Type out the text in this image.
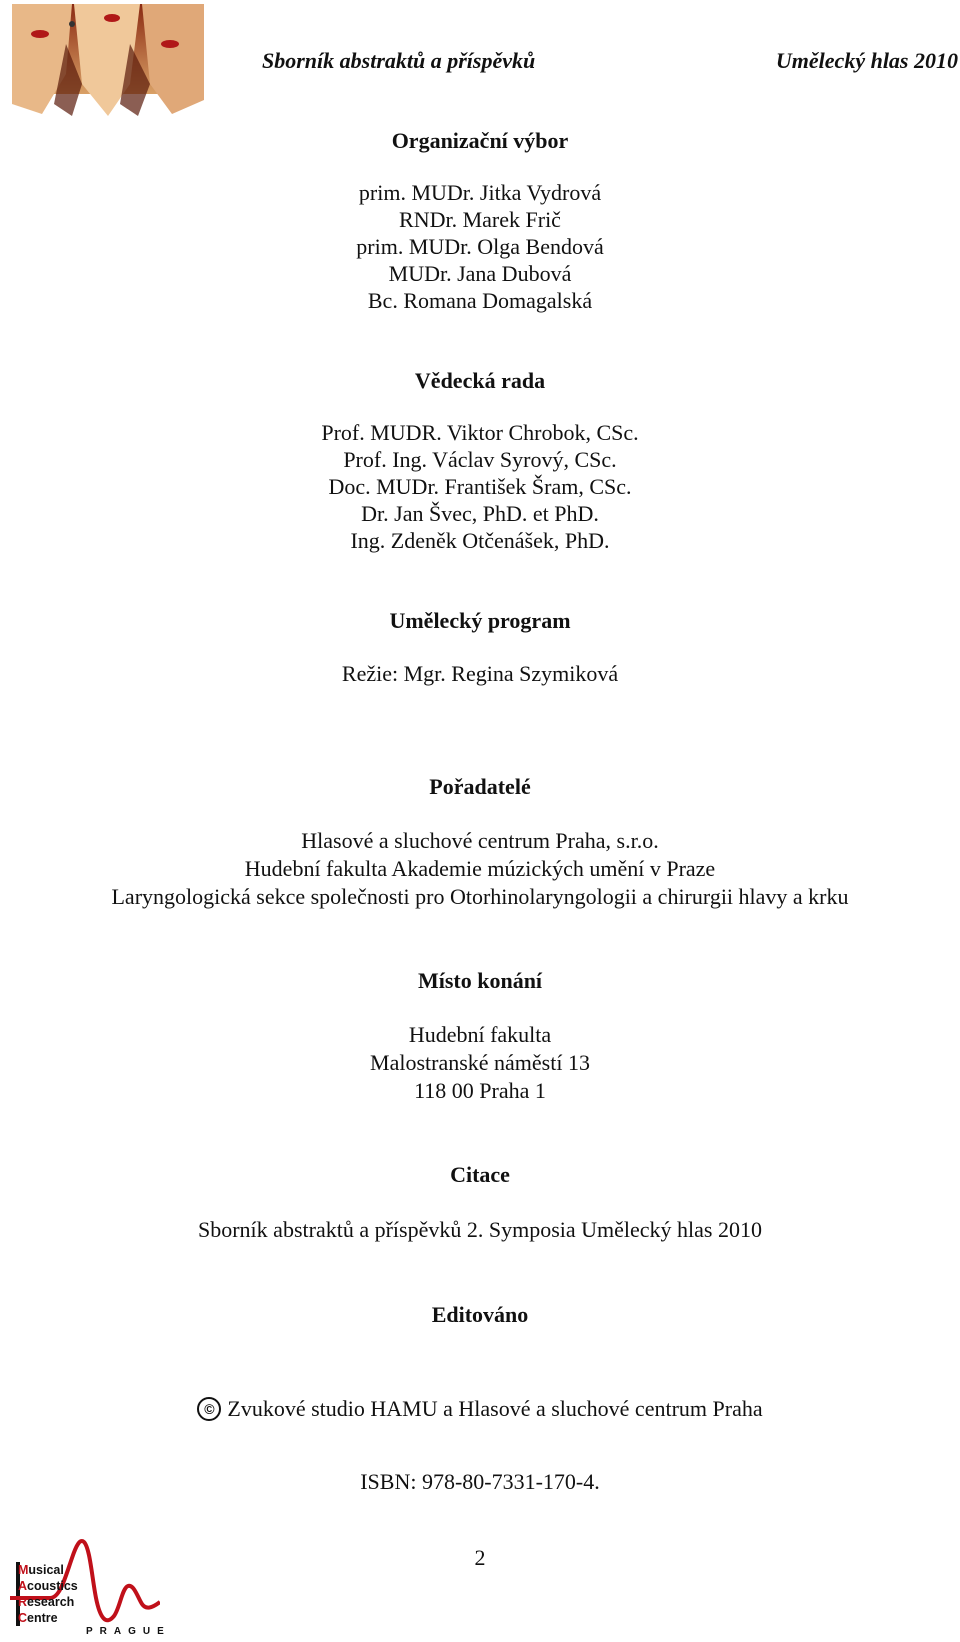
Sborník abstraktů a příspěvků	Umělecký hlas 2010
Organizační výbor
prim. MUDr. Jitka Vydrová
RNDr. Marek Frič
prim. MUDr. Olga Bendová
MUDr. Jana Dubová
Bc. Romana Domagalská
Vědecká rada
Prof. MUDR. Viktor Chrobok, CSc.
Prof. Ing. Václav Syrový, CSc.
Doc. MUDr. František Šram, CSc.
Dr. Jan Švec, PhD. et PhD.
Ing. Zdeněk Otčenášek, PhD.
Umělecký program
Režie: Mgr. Regina Szymiková
Pořadatelé
Hlasové a sluchové centrum Praha, s.r.o.
Hudební fakulta Akademie múzických umění v Praze
Laryngologická sekce společnosti pro Otorhinolaryngologii a chirurgii hlavy a krku
Místo konání
Hudební fakulta
Malostranské náměstí 13
118 00 Praha 1
Citace
Sborník abstraktů a příspěvků 2. Symposia Umělecký hlas 2010
Editováno
© Zvukové studio HAMU a Hlasové a sluchové centrum Praha
ISBN: 978-80-7331-170-4.
2
Musical
Acoustics
Research
Centre
PRAGUE
